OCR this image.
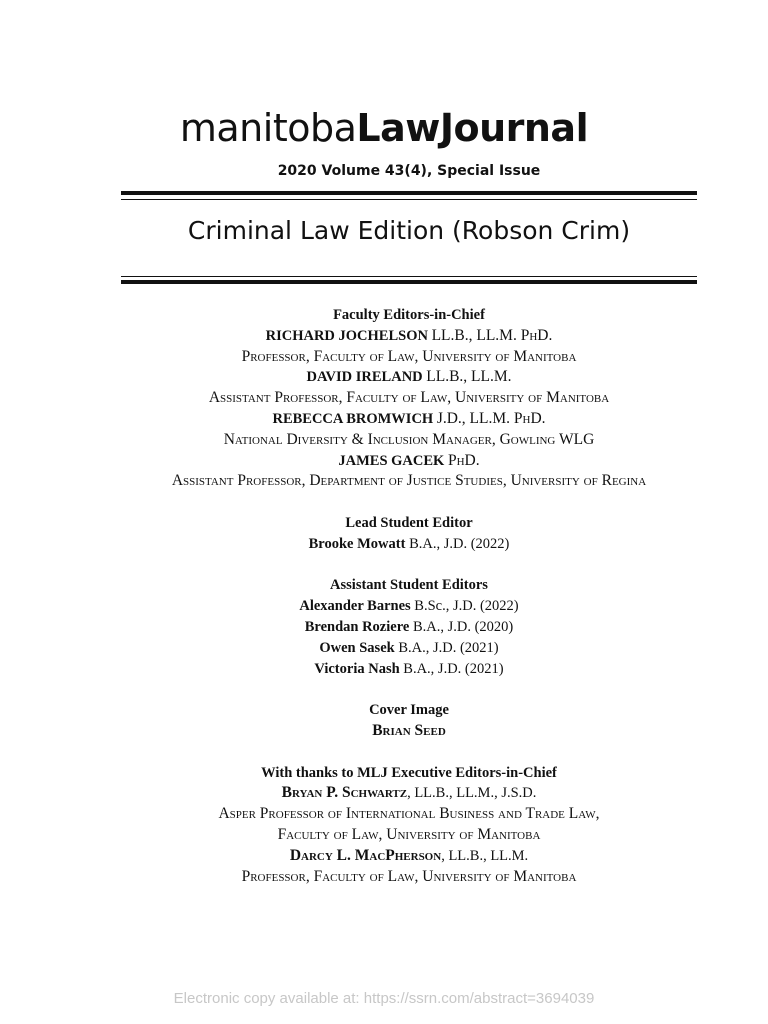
manitobaLawJournal
2020 Volume 43(4), Special Issue
Criminal Law Edition (Robson Crim)
Faculty Editors-in-Chief
RICHARD JOCHELSON LL.B., LL.M. PhD.
Professor, Faculty of Law, University of Manitoba
DAVID IRELAND LL.B., LL.M.
Assistant Professor, Faculty of Law, University of Manitoba
REBECCA BROMWICH J.D., LL.M. PhD.
National Diversity & Inclusion Manager, Gowling WLG
JAMES GACEK PhD.
Assistant Professor, Department of Justice Studies, University of Regina
Lead Student Editor
Brooke Mowatt B.A., J.D. (2022)
Assistant Student Editors
Alexander Barnes B.Sc., J.D. (2022)
Brendan Roziere B.A., J.D. (2020)
Owen Sasek B.A., J.D. (2021)
Victoria Nash B.A., J.D. (2021)
Cover Image
Brian Seed
With thanks to MLJ Executive Editors-in-Chief
Bryan P. Schwartz, LL.B., LL.M., J.S.D.
Asper Professor of International Business and Trade Law,
Faculty of Law, University of Manitoba
Darcy L. MacPherson, LL.B., LL.M.
Professor, Faculty of Law, University of Manitoba
Electronic copy available at: https://ssrn.com/abstract=3694039
